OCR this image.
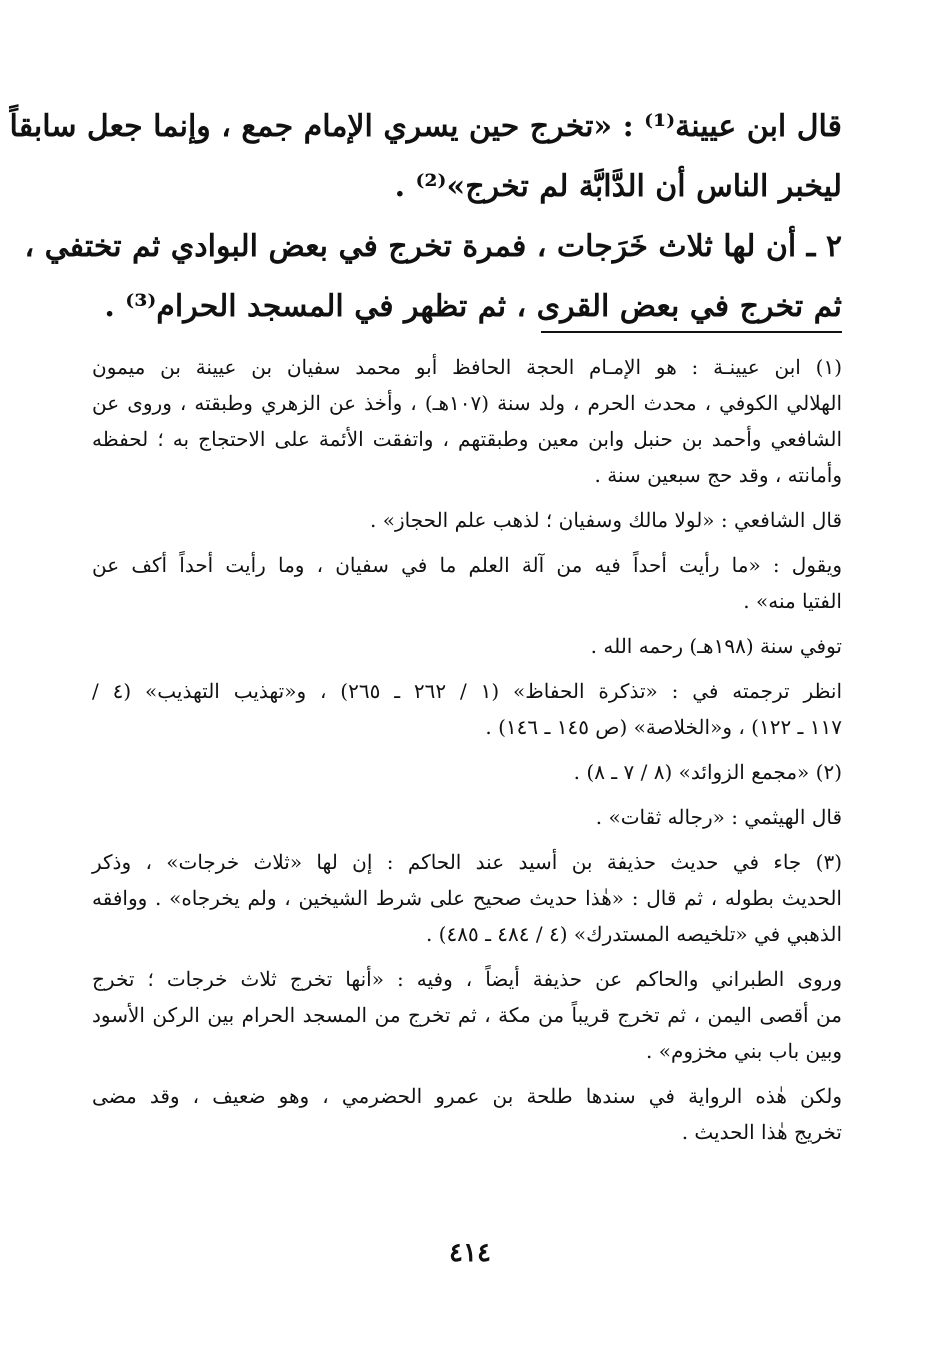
قال ابن عيينة⁽¹⁾ : «تخرج حين يسري الإمام جمع ، وإنما جعل سابقاً
ليخبر الناس أن الدَّابَّة لم تخرج»⁽²⁾ .
٢ ـ أن لها ثلاث خَرَجات ، فمرة تخرج في بعض البوادي ثم تختفي ،
ثم تخرج في بعض القرى ، ثم تظهر في المسجد الحرام⁽³⁾ .
(١) ابن عيينـة : هو الإمـام الحجة الحافظ أبو محمد سفيان بن عيينة بن ميمون
الهلالي الكوفي ، محدث الحرم ، ولد سنة (١٠٧هـ) ، وأخذ عن الزهري وطبقته ، وروى عن
الشافعي وأحمد بن حنبل وابن معين وطبقتهم ، واتفقت الأئمة على الاحتجاج به ؛ لحفظه
وأمانته ، وقد حج سبعين سنة .
قال الشافعي : «لولا مالك وسفيان ؛ لذهب علم الحجاز» .
ويقول : «ما رأيت أحداً فيه من آلة العلم ما في سفيان ، وما رأيت أحداً أكف عن
الفتيا منه» .
توفي سنة (١٩٨هـ) رحمه الله .
انظر ترجمته في : «تذكرة الحفاظ» (١ / ٢٦٢ ـ ٢٦٥) ، و«تهذيب التهذيب» (٤ /
١١٧ ـ ١٢٢) ، و«الخلاصة» (ص ١٤٥ ـ ١٤٦) .
(٢) «مجمع الزوائد» (٨ / ٧ ـ ٨) .
قال الهيثمي : «رجاله ثقات» .
(٣) جاء في حديث حذيفة بن أسيد عند الحاكم : إن لها «ثلاث خرجات» ، وذكر
الحديث بطوله ، ثم قال : «هٰذا حديث صحيح على شرط الشيخين ، ولم يخرجاه» . ووافقه
الذهبي في «تلخيصه المستدرك» (٤ / ٤٨٤ ـ ٤٨٥) .
وروى الطبراني والحاكم عن حذيفة أيضاً ، وفيه : «أنها تخرج ثلاث خرجات ؛ تخرج
من أقصى اليمن ، ثم تخرج قريباً من مكة ، ثم تخرج من المسجد الحرام بين الركن الأسود
وبين باب بني مخزوم» .
ولكن هٰذه الرواية في سندها طلحة بن عمرو الحضرمي ، وهو ضعيف ، وقد مضى
تخريج هٰذا الحديث .
٤١٤
